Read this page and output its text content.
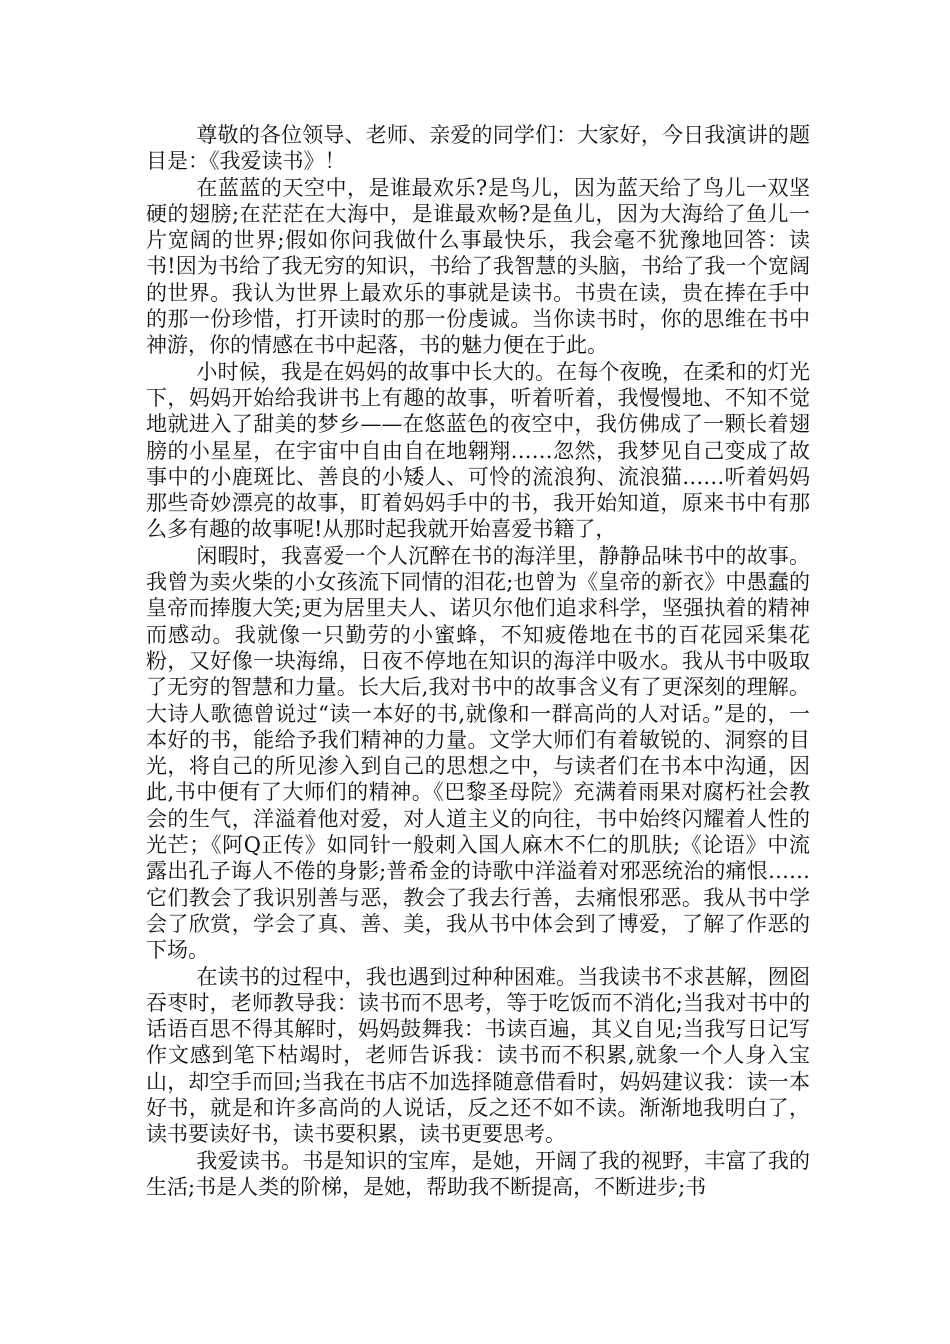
尊敬的各位领导、老师、亲爱的同学们：大家好，今日我演讲的题目是：《我爱读书》！

在蓝蓝的天空中，是谁最欢乐?是鸟儿，因为蓝天给了鸟儿一双坚硬的翅膀;在茫茫在大海中，是谁最欢畅?是鱼儿，因为大海给了鱼儿一片宽阔的世界;假如你问我做什么事最快乐，我会毫不犹豫地回答：读书!因为书给了我无穷的知识，书给了我智慧的头脑，书给了我一个宽阔的世界。我认为世界上最欢乐的事就是读书。书贵在读，贵在捧在手中的那一份珍惜，打开读时的那一份虔诚。当你读书时，你的思维在书中神游，你的情感在书中起落，书的魅力便在于此。

小时候，我是在妈妈的故事中长大的。在每个夜晚，在柔和的灯光下，妈妈开始给我讲书上有趣的故事，听着听着，我慢慢地、不知不觉地就进入了甜美的梦乡——在悠蓝色的夜空中，我仿佛成了一颗长着翅膀的小星星，在宇宙中自由自在地翱翔……忽然，我梦见自己变成了故事中的小鹿斑比、善良的小矮人、可怜的流浪狗、流浪猫……听着妈妈那些奇妙漂亮的故事，盯着妈妈手中的书，我开始知道，原来书中有那么多有趣的故事呢!从那时起我就开始喜爱书籍了，

闲暇时，我喜爱一个人沉醉在书的海洋里，静静品味书中的故事。我曾为卖火柴的小女孩流下同情的泪花;也曾为《皇帝的新衣》中愚蠢的皇帝而捧腹大笑;更为居里夫人、诺贝尔他们追求科学，坚强执着的精神而感动。我就像一只勤劳的小蜜蜂，不知疲倦地在书的百花园采集花粉，又好像一块海绵，日夜不停地在知识的海洋中吸水。我从书中吸取了无穷的智慧和力量。长大后,我对书中的故事含义有了更深刻的理解。大诗人歌德曾说过“读一本好的书,就像和一群高尚的人对话。”是的，一本好的书，能给予我们精神的力量。文学大师们有着敏锐的、洞察的目光，将自己的所见渗入到自己的思想之中，与读者们在书本中沟通，因此,书中便有了大师们的精神。《巴黎圣母院》充满着雨果对腐朽社会教会的生气，洋溢着他对爱，对人道主义的向往，书中始终闪耀着人性的光芒；《阿Q正传》如同针一般刺入国人麻木不仁的肌肤;《论语》中流露出孔子诲人不倦的身影;普希金的诗歌中洋溢着对邪恶统治的痛恨……它们教会了我识别善与恶，教会了我去行善，去痛恨邪恶。我从书中学会了欣赏，学会了真、善、美，我从书中体会到了博爱，了解了作恶的下场。

在读书的过程中，我也遇到过种种困难。当我读书不求甚解，囫囵吞枣时，老师教导我：读书而不思考，等于吃饭而不消化;当我对书中的话语百思不得其解时，妈妈鼓舞我：书读百遍，其义自见;当我写日记写作文感到笔下枯竭时，老师告诉我：读书而不积累,就象一个人身入宝山，却空手而回;当我在书店不加选择随意借看时，妈妈建议我：读一本好书，就是和许多高尚的人说话，反之还不如不读。渐渐地我明白了，读书要读好书，读书要积累，读书更要思考。

我爱读书。书是知识的宝库，是她，开阔了我的视野，丰富了我的生活;书是人类的阶梯，是她，帮助我不断提高，不断进步;书
